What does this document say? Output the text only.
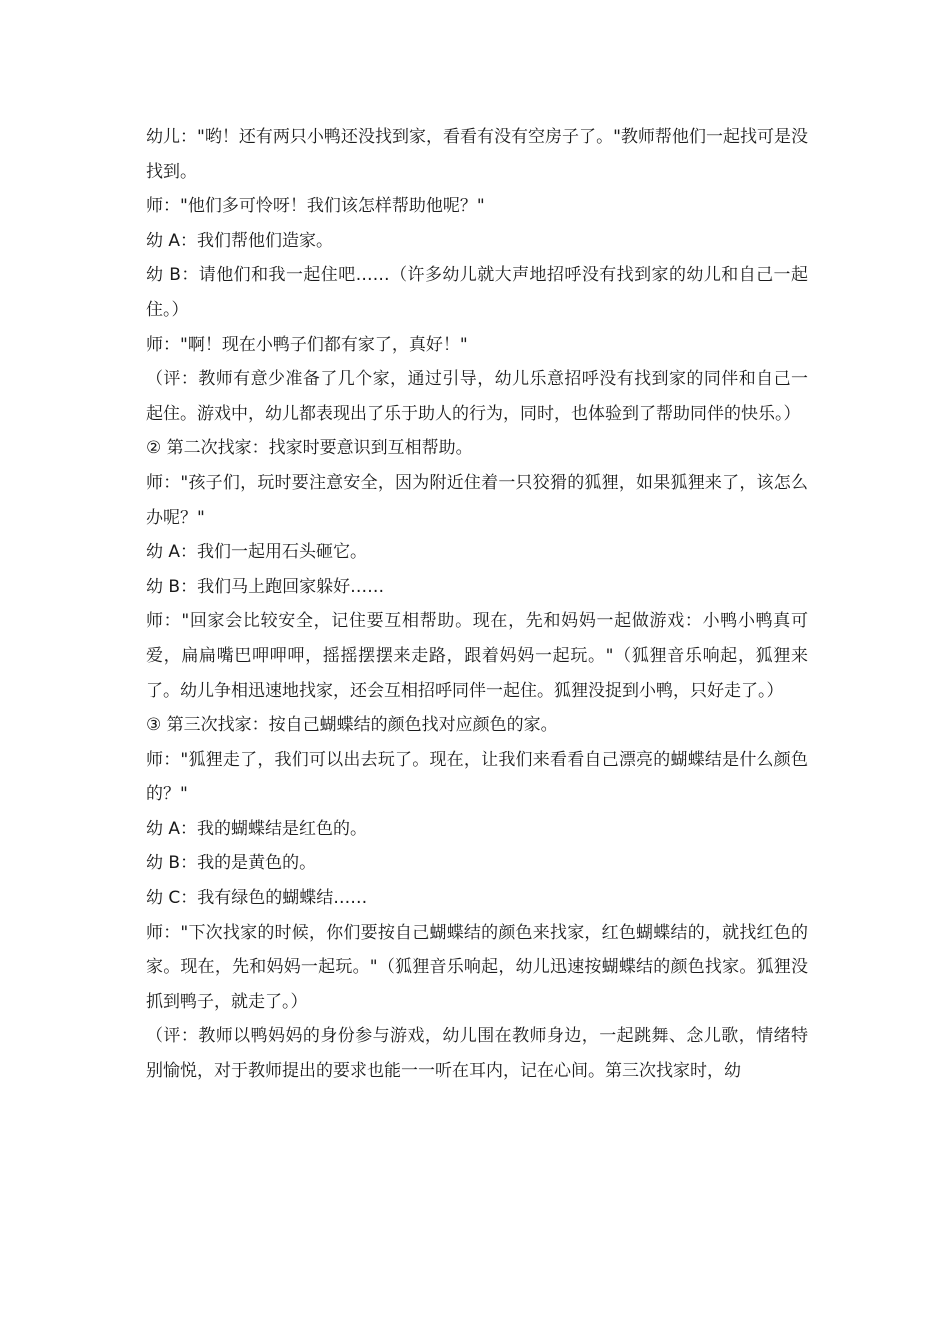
幼儿："哟！还有两只小鸭还没找到家，看看有没有空房子了。"教师帮他们一起找可是没找到。

师："他们多可怜呀！我们该怎样帮助他呢？"

幼 A：我们帮他们造家。

幼 B：请他们和我一起住吧……（许多幼儿就大声地招呼没有找到家的幼儿和自己一起住。）

师："啊！现在小鸭子们都有家了，真好！"

（评：教师有意少准备了几个家，通过引导，幼儿乐意招呼没有找到家的同伴和自己一起住。游戏中，幼儿都表现出了乐于助人的行为，同时，也体验到了帮助同伴的快乐。）

② 第二次找家：找家时要意识到互相帮助。

师："孩子们，玩时要注意安全，因为附近住着一只狡猾的狐狸，如果狐狸来了，该怎么办呢？"

幼 A：我们一起用石头砸它。

幼 B：我们马上跑回家躲好……

师："回家会比较安全，记住要互相帮助。现在，先和妈妈一起做游戏：小鸭小鸭真可爱，扁扁嘴巴呷呷呷，摇摇摆摆来走路，跟着妈妈一起玩。"（狐狸音乐响起，狐狸来了。幼儿争相迅速地找家，还会互相招呼同伴一起住。狐狸没捉到小鸭，只好走了。）

③ 第三次找家：按自己蝴蝶结的颜色找对应颜色的家。

师："狐狸走了，我们可以出去玩了。现在，让我们来看看自己漂亮的蝴蝶结是什么颜色的？"

幼 A：我的蝴蝶结是红色的。

幼 B：我的是黄色的。

幼 C：我有绿色的蝴蝶结……

师："下次找家的时候，你们要按自己蝴蝶结的颜色来找家，红色蝴蝶结的，就找红色的家。现在，先和妈妈一起玩。"（狐狸音乐响起，幼儿迅速按蝴蝶结的颜色找家。狐狸没抓到鸭子，就走了。）

（评：教师以鸭妈妈的身份参与游戏，幼儿围在教师身边，一起跳舞、念儿歌，情绪特别愉悦，对于教师提出的要求也能一一听在耳内，记在心间。第三次找家时，幼
